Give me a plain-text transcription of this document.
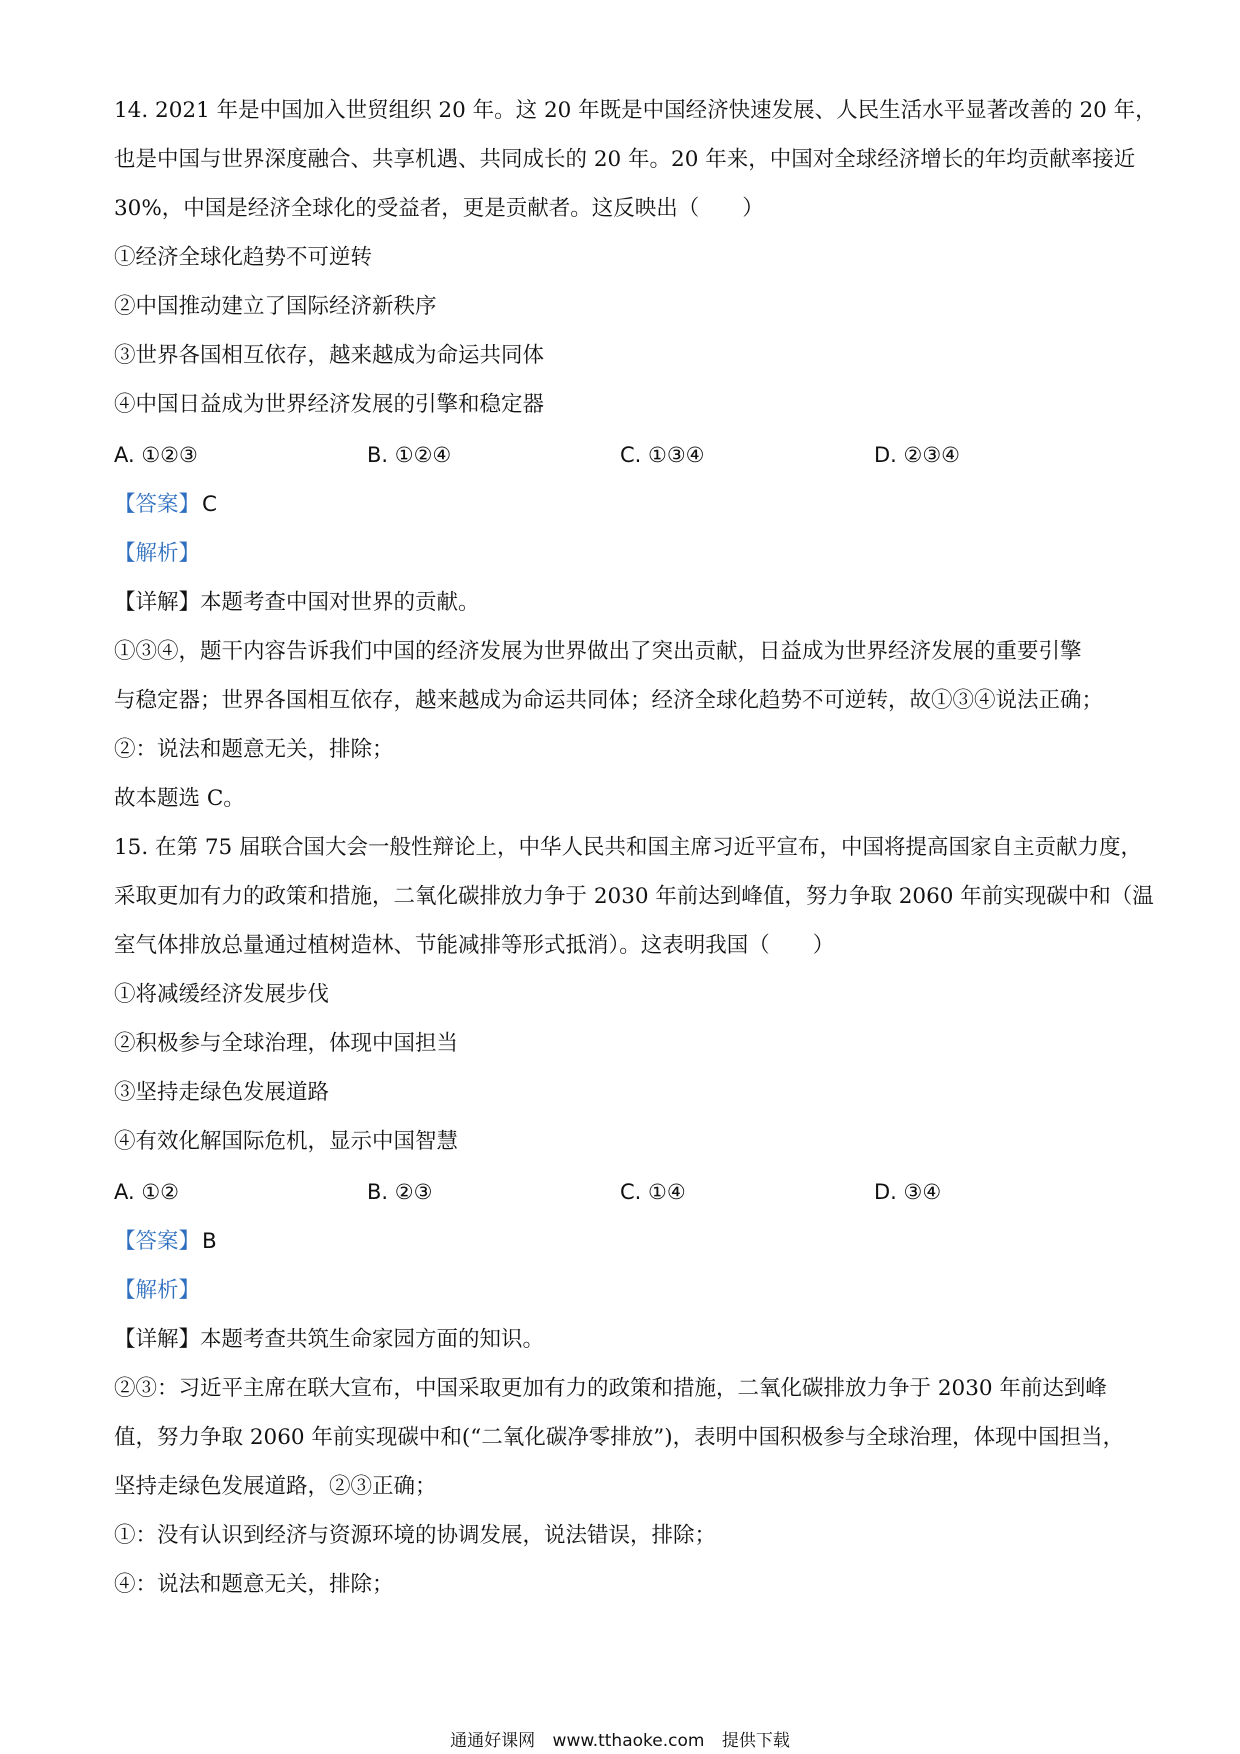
14. 2021 年是中国加入世贸组织 20 年。这 20 年既是中国经济快速发展、人民生活水平显著改善的 20 年，
也是中国与世界深度融合、共享机遇、共同成长的 20 年。20 年来，中国对全球经济增长的年均贡献率接近
30%，中国是经济全球化的受益者，更是贡献者。这反映出（　　）
①经济全球化趋势不可逆转
②中国推动建立了国际经济新秩序
③世界各国相互依存，越来越成为命运共同体
④中国日益成为世界经济发展的引擎和稳定器
A. ①②③	B. ①②④	C. ①③④	D. ②③④
【答案】C
【解析】
【详解】本题考查中国对世界的贡献。
①③④，题干内容告诉我们中国的经济发展为世界做出了突出贡献，日益成为世界经济发展的重要引擎
与稳定器；世界各国相互依存，越来越成为命运共同体；经济全球化趋势不可逆转，故①③④说法正确；
②：说法和题意无关，排除；
故本题选 C。
15. 在第 75 届联合国大会一般性辩论上，中华人民共和国主席习近平宣布，中国将提高国家自主贡献力度，
采取更加有力的政策和措施，二氧化碳排放力争于 2030 年前达到峰值，努力争取 2060 年前实现碳中和（温
室气体排放总量通过植树造林、节能减排等形式抵消）。这表明我国（　　）
①将减缓经济发展步伐
②积极参与全球治理，体现中国担当
③坚持走绿色发展道路
④有效化解国际危机，显示中国智慧
A. ①②	B. ②③	C. ①④	D. ③④
【答案】B
【解析】
【详解】本题考查共筑生命家园方面的知识。
②③：习近平主席在联大宣布，中国采取更加有力的政策和措施，二氧化碳排放力争于 2030 年前达到峰
值，努力争取 2060 年前实现碳中和(“二氧化碳净零排放”)，表明中国积极参与全球治理，体现中国担当，
坚持走绿色发展道路，②③正确；
①：没有认识到经济与资源环境的协调发展，说法错误，排除；
④：说法和题意无关，排除；
通通好课网 www.tthaoke.com 提供下载
